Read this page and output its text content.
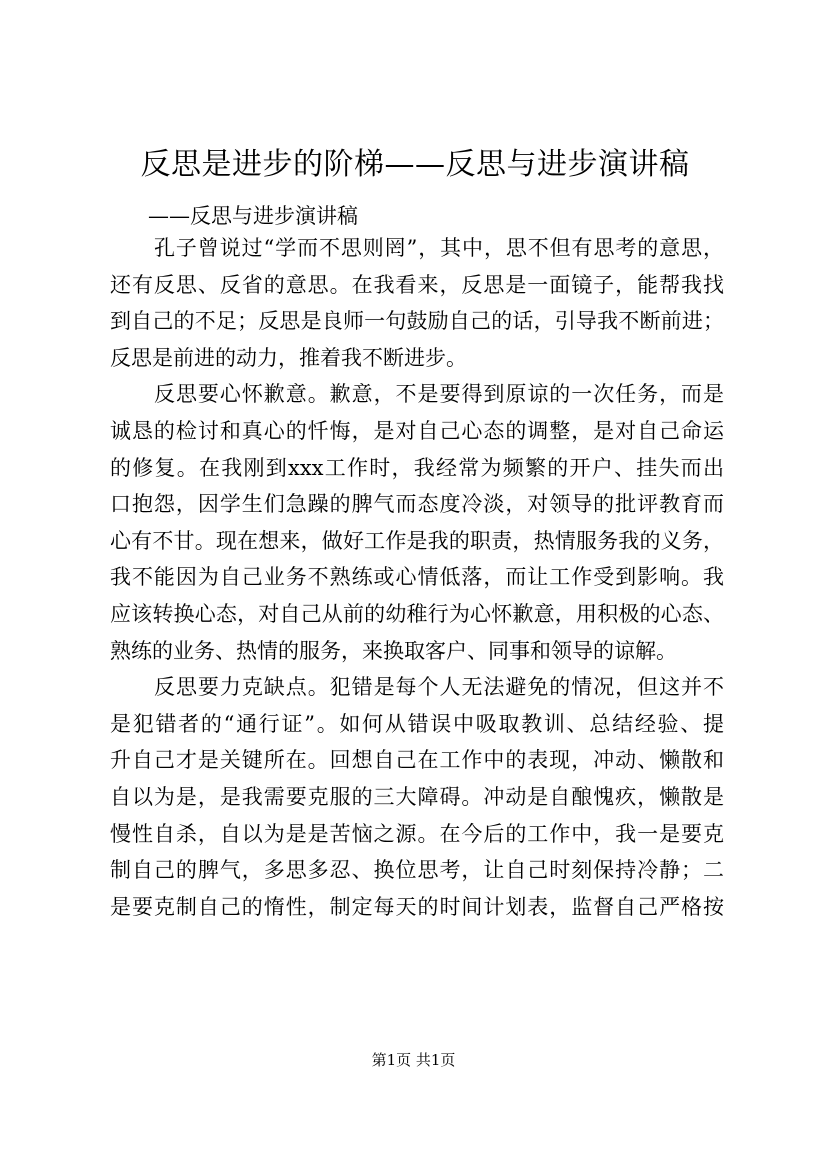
反思是进步的阶梯——反思与进步演讲稿
——反思与进步演讲稿
孔子曾说过“学而不思则罔”，其中，思不但有思考的意思，
还有反思、反省的意思。在我看来，反思是一面镜子，能帮我找
到自己的不足；反思是良师一句鼓励自己的话，引导我不断前进；
反思是前进的动力，推着我不断进步。
反思要心怀歉意。歉意，不是要得到原谅的一次任务，而是
诚恳的检讨和真心的忏悔，是对自己心态的调整，是对自己命运
的修复。在我刚到xxx工作时，我经常为频繁的开户、挂失而出
口抱怨，因学生们急躁的脾气而态度冷淡，对领导的批评教育而
心有不甘。现在想来，做好工作是我的职责，热情服务我的义务，
我不能因为自己业务不熟练或心情低落，而让工作受到影响。我
应该转换心态，对自己从前的幼稚行为心怀歉意，用积极的心态、
熟练的业务、热情的服务，来换取客户、同事和领导的谅解。
反思要力克缺点。犯错是每个人无法避免的情况，但这并不
是犯错者的“通行证”。如何从错误中吸取教训、总结经验、提
升自己才是关键所在。回想自己在工作中的表现，冲动、懒散和
自以为是，是我需要克服的三大障碍。冲动是自酿愧疚，懒散是
慢性自杀，自以为是是苦恼之源。在今后的工作中，我一是要克
制自己的脾气，多思多忍、换位思考，让自己时刻保持冷静；二
是要克制自己的惰性，制定每天的时间计划表，监督自己严格按
第1页 共1页
